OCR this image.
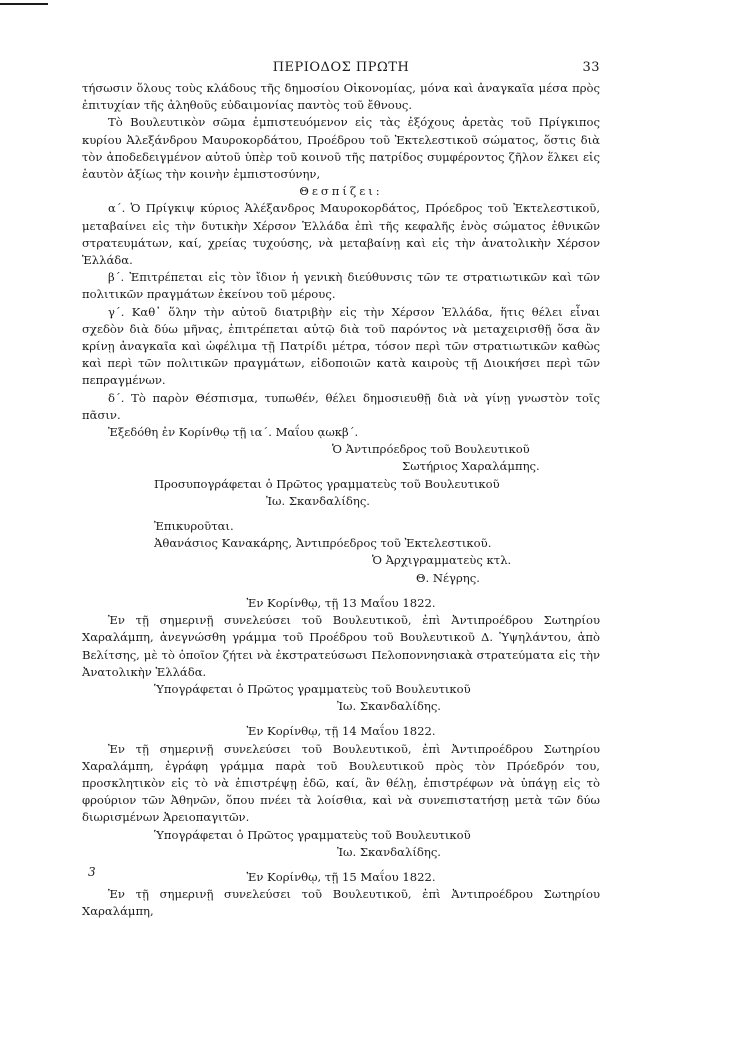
ΠΕΡΙΟΔΟΣ ΠΡΩΤΗ	33

τήσωσιν ὅλους τοὺς κλάδους τῆς δημοσίου Οἰκονομίας, μόνα καὶ ἀναγκαῖα μέσα πρὸς ἐπιτυχίαν τῆς ἀληθοῦς εὐδαιμονίας παντὸς τοῦ ἔθνους.

Τὸ Βουλευτικὸν σῶμα ἐμπιστευόμενον εἰς τὰς ἐξόχους ἀρετὰς τοῦ Πρίγκιπος κυρίου Ἀλεξάνδρου Μαυροκορδάτου, Προέδρου τοῦ Ἐκτελεστικοῦ σώματος, ὅστις διὰ τὸν ἀποδεδειγμένον αὐτοῦ ὑπὲρ τοῦ κοινοῦ τῆς πατρίδος συμφέροντος ζῆλον ἕλκει εἰς ἑαυτὸν ἀξίως τὴν κοινὴν ἐμπιστοσύνην,

Θεσπίζει:

α΄. Ὁ Πρίγκιψ κύριος Ἀλέξανδρος Μαυροκορδάτος, Πρόεδρος τοῦ Ἐκτελεστικοῦ, μεταβαίνει εἰς τὴν δυτικὴν Χέρσον Ἑλλάδα ἐπὶ τῆς κεφαλῆς ἑνὸς σώματος ἐθνικῶν στρατευμάτων, καί, χρείας τυχούσης, νὰ μεταβαίνῃ καὶ εἰς τὴν ἀνατολικὴν Χέρσον Ἑλλάδα.

β΄. Ἐπιτρέπεται εἰς τὸν ἴδιον ἡ γενικὴ διεύθυνσις τῶν τε στρατιωτικῶν καὶ τῶν πολιτικῶν πραγμάτων ἐκείνου τοῦ μέρους.

γ΄. Καθ᾽ ὅλην τὴν αὐτοῦ διατριβὴν εἰς τὴν Χέρσον Ἑλλάδα, ἥτις θέλει εἶναι σχεδὸν διὰ δύω μῆνας, ἐπιτρέπεται αὐτῷ διὰ τοῦ παρόντος νὰ μεταχειρισθῇ ὅσα ἂν κρίνῃ ἀναγκαῖα καὶ ὠφέλιμα τῇ Πατρίδι μέτρα, τόσον περὶ τῶν στρατιωτικῶν καθὼς καὶ περὶ τῶν πολιτικῶν πραγμάτων, εἰδοποιῶν κατὰ καιροὺς τῇ Διοικήσει περὶ τῶν πεπραγμένων.

δ΄. Τὸ παρὸν Θέσπισμα, τυπωθέν, θέλει δημοσιευθῇ διὰ νὰ γίνῃ γνωστὸν τοῖς πᾶσιν.

Ἐξεδόθη ἐν Κορίνθῳ τῇ ια΄. Μαΐου ᾳωκβ΄.

Ὁ Ἀντιπρόεδρος τοῦ Βουλευτικοῦ

Σωτήριος Χαραλάμπης.

Προσυπογράφεται ὁ Πρῶτος γραμματεὺς τοῦ Βουλευτικοῦ

Ἰω. Σκανδαλίδης.

Ἐπικυροῦται.

Ἀθανάσιος Κανακάρης, Ἀντιπρόεδρος τοῦ Ἐκτελεστικοῦ.

Ὁ Ἀρχιγραμματεὺς κτλ.

Θ. Νέγρης.

Ἐν Κορίνθῳ, τῇ 13 Μαΐου 1822.

Ἐν τῇ σημερινῇ συνελεύσει τοῦ Βουλευτικοῦ, ἐπὶ Ἀντιπροέδρου Σωτηρίου Χαραλάμπη, ἀνεγνώσθη γράμμα τοῦ Προέδρου τοῦ Βουλευτικοῦ Δ. Ὑψηλάντου, ἀπὸ Βελίτσης, μὲ τὸ ὁποῖον ζήτει νὰ ἐκστρατεύσωσι Πελοποννησιακὰ στρατεύματα εἰς τὴν Ἀνατολικὴν Ἑλλάδα.

Ὑπογράφεται ὁ Πρῶτος γραμματεὺς τοῦ Βουλευτικοῦ

Ἰω. Σκανδαλίδης.

Ἐν Κορίνθῳ, τῇ 14 Μαΐου 1822.

Ἐν τῇ σημερινῇ συνελεύσει τοῦ Βουλευτικοῦ, ἐπὶ Ἀντιπροέδρου Σωτηρίου Χαραλάμπη, ἐγράφη γράμμα παρὰ τοῦ Βουλευτικοῦ πρὸς τὸν Πρόεδρόν του, προσκλητικὸν εἰς τὸ νὰ ἐπιστρέψῃ ἐδῶ, καί, ἂν θέλῃ, ἐπιστρέφων νὰ ὑπάγῃ εἰς τὸ φρούριον τῶν Ἀθηνῶν, ὅπου πνέει τὰ λοίσθια, καὶ νὰ συνεπιστατήσῃ μετὰ τῶν δύω διωρισμένων Ἀρειοπαγιτῶν.

Ὑπογράφεται ὁ Πρῶτος γραμματεὺς τοῦ Βουλευτικοῦ

Ἰω. Σκανδαλίδης.

Ἐν Κορίνθῳ, τῇ 15 Μαΐου 1822.

Ἐν τῇ σημερινῇ συνελεύσει τοῦ Βουλευτικοῦ, ἐπὶ Ἀντιπροέδρου Σωτηρίου Χαραλάμπη,

3
